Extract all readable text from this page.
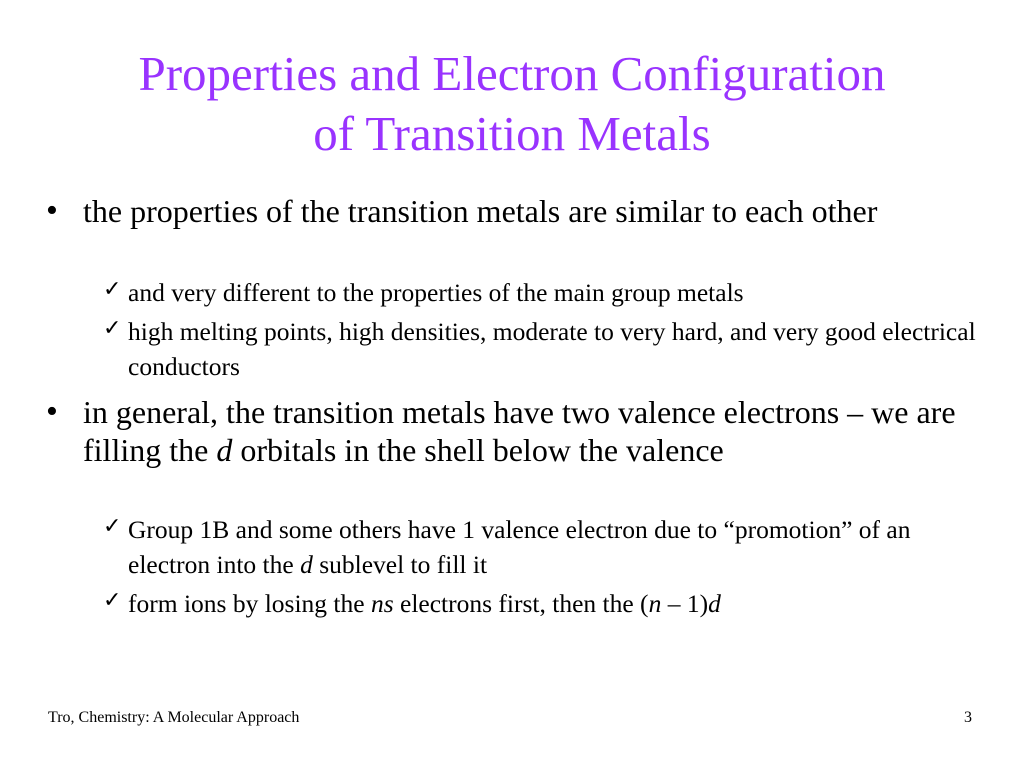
Properties and Electron Configuration
of Transition Metals
• the properties of the transition metals are similar to each other
✓ and very different to the properties of the main group metals
✓ high melting points, high densities, moderate to very hard, and very good electrical conductors
• in general, the transition metals have two valence electrons – we are filling the d orbitals in the shell below the valence
✓ Group 1B and some others have 1 valence electron due to “promotion” of an electron into the d sublevel to fill it
✓ form ions by losing the ns electrons first, then the (n – 1)d
Tro, Chemistry: A Molecular Approach	3
